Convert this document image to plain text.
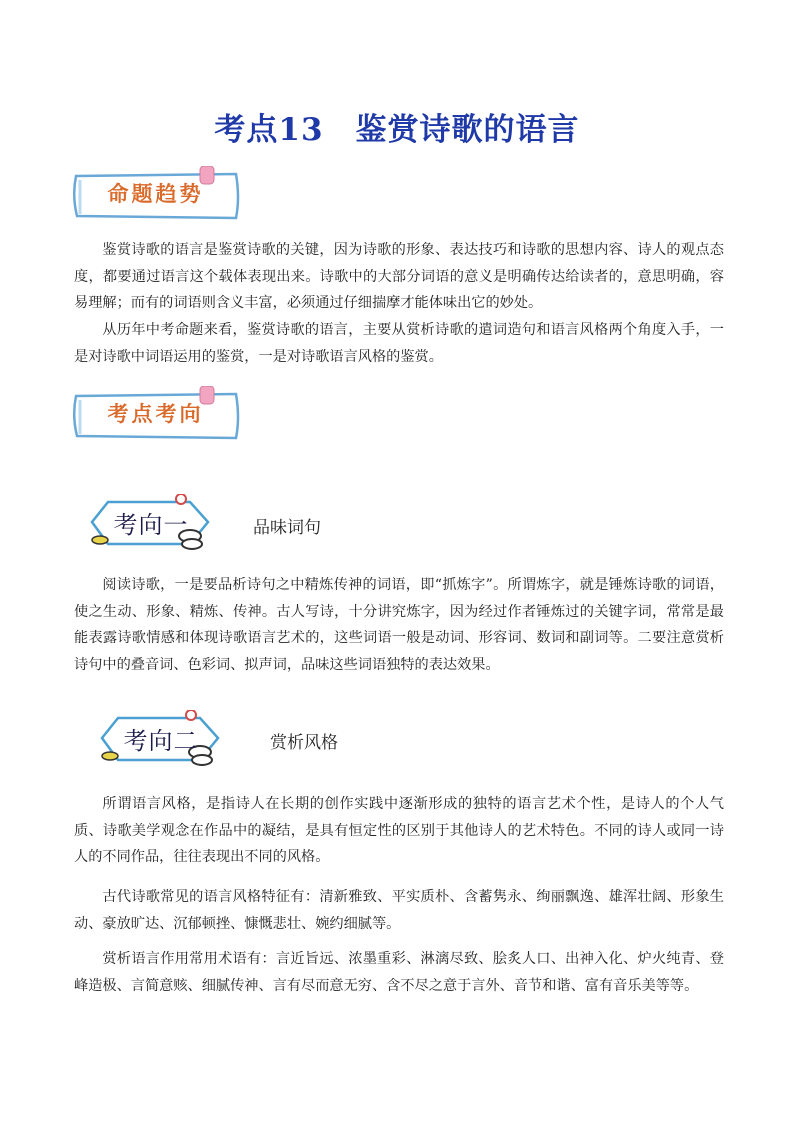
考点13　鉴赏诗歌的语言
命题趋势

鉴赏诗歌的语言是鉴赏诗歌的关键，因为诗歌的形象、表达技巧和诗歌的思想内容、诗人的观点态度，都要通过语言这个载体表现出来。诗歌中的大部分词语的意义是明确传达给读者的，意思明确，容易理解；而有的词语则含义丰富，必须通过仔细揣摩才能体味出它的妙处。

从历年中考命题来看，鉴赏诗歌的语言，主要从赏析诗歌的遣词造句和语言风格两个角度入手，一是对诗歌中词语运用的鉴赏，一是对诗歌语言风格的鉴赏。

考点考向
考向一	品味词句

阅读诗歌，一是要品析诗句之中精炼传神的词语，即“抓炼字”。所谓炼字，就是锤炼诗歌的词语，使之生动、形象、精炼、传神。古人写诗，十分讲究炼字，因为经过作者锤炼过的关键字词，常常是最能表露诗歌情感和体现诗歌语言艺术的，这些词语一般是动词、形容词、数词和副词等。二要注意赏析诗句中的叠音词、色彩词、拟声词，品味这些词语独特的表达效果。

考向二	赏析风格

所谓语言风格，是指诗人在长期的创作实践中逐渐形成的独特的语言艺术个性，是诗人的个人气质、诗歌美学观念在作品中的凝结，是具有恒定性的区别于其他诗人的艺术特色。不同的诗人或同一诗人的不同作品，往往表现出不同的风格。

古代诗歌常见的语言风格特征有：清新雅致、平实质朴、含蓄隽永、绚丽飘逸、雄浑壮阔、形象生动、豪放旷达、沉郁顿挫、慷慨悲壮、婉约细腻等。

赏析语言作用常用术语有：言近旨远、浓墨重彩、淋漓尽致、脍炙人口、出神入化、炉火纯青、登峰造极、言简意赅、细腻传神、言有尽而意无穷、含不尽之意于言外、音节和谐、富有音乐美等等。
